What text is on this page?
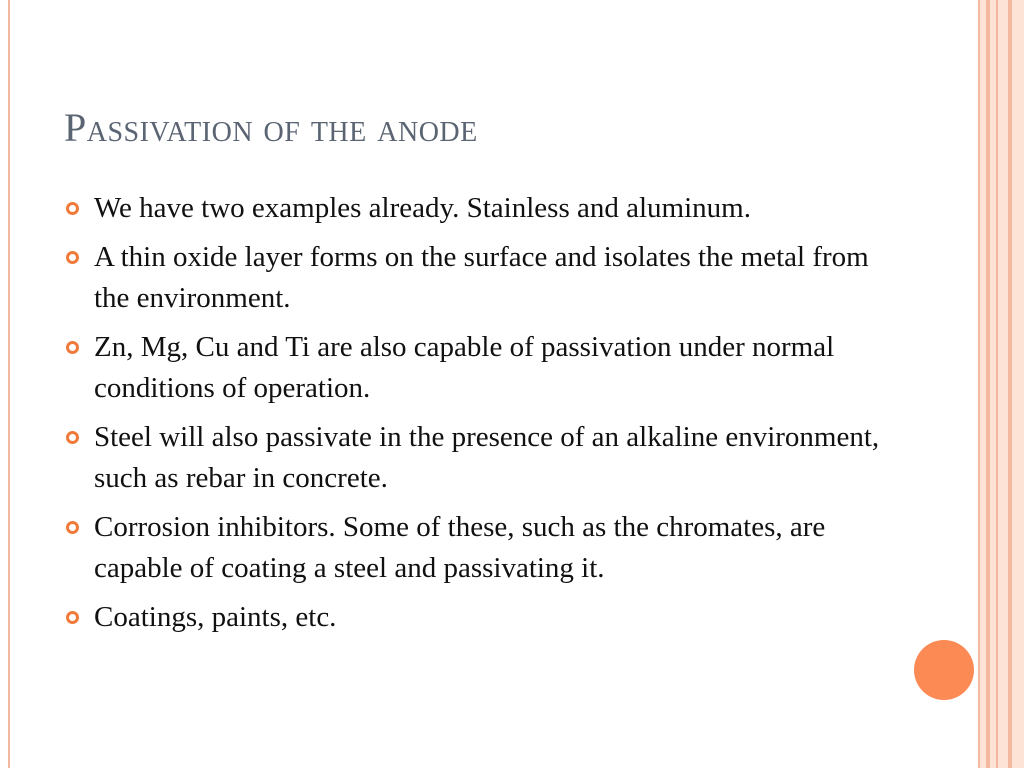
Passivation of the anode
We have two examples already. Stainless and aluminum.
A thin oxide layer forms on the surface and isolates the metal from the environment.
Zn, Mg, Cu and Ti are also capable of passivation under normal conditions of operation.
Steel will also passivate in the presence of an alkaline environment, such as rebar in concrete.
Corrosion inhibitors. Some of these, such as the chromates, are capable of coating a steel and passivating it.
Coatings, paints, etc.
